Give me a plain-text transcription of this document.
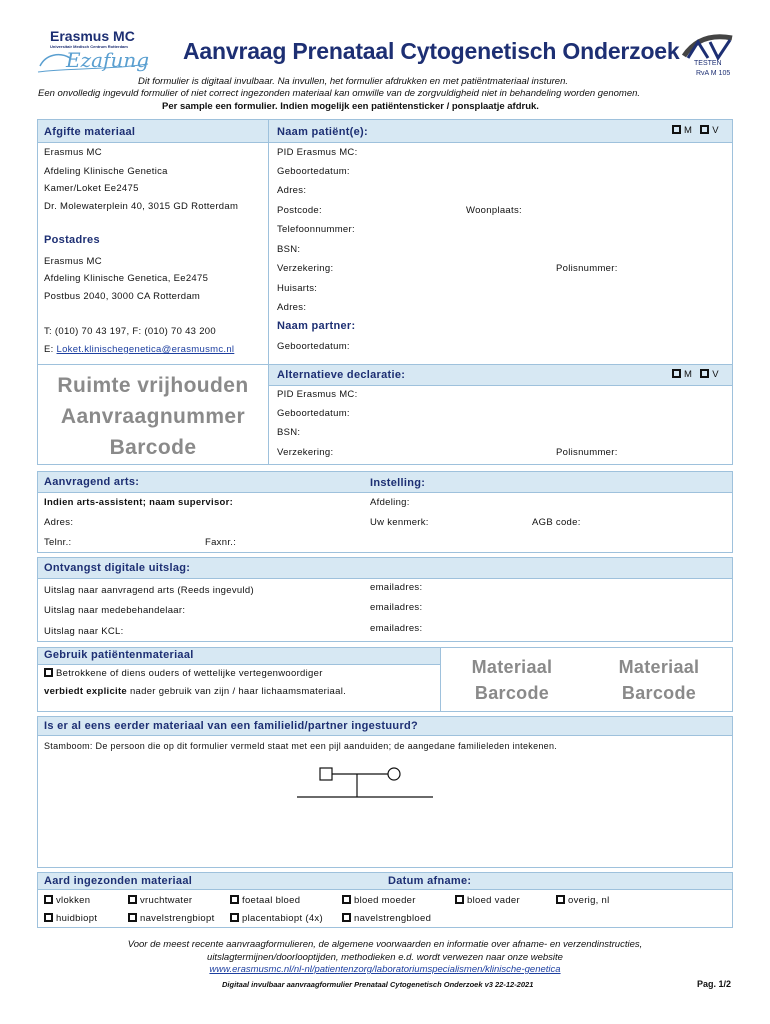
Erasmus MC
Universitair Medisch Centrum Rotterdam
Ezafung Aanvraag Prenataal Cytogenetisch Onderzoek TESTEN
RvA M 105
Dit formulier is digitaal invulbaar. Na invullen, het formulier afdrukken en met patiëntmateriaal insturen.
Een onvolledig ingevuld formulier of niet correct ingezonden materiaal kan omwille van de zorgvuldigheid niet in behandeling worden genomen.
Per sample een formulier. Indien mogelijk een patiëntensticker / ponsplaatje afdruk.
Afgifte materiaal
Erasmus MC
Afdeling Klinische Genetica
Kamer/Loket Ee2475
Dr. Molewaterplein 40, 3015 GD Rotterdam
Postadres
Erasmus MC
Afdeling Klinische Genetica, Ee2475
Postbus 2040, 3000 CA Rotterdam
T: (010) 70 43 197, F: (010) 70 43 200
E: Loket.klinischegenetica@erasmusmc.nl
Ruimte vrijhouden
Aanvraagnummer
Barcode
Naam patiënt(e):	M V
PID Erasmus MC:
Geboortedatum:
Adres:
Postcode:	Woonplaats:
Telefoonnummer:
BSN:
Verzekering:	Polisnummer:
Huisarts:
Adres:
Naam partner:
Geboortedatum:
Alternatieve declaratie:	M V
PID Erasmus MC:
Geboortedatum:
BSN:
Verzekering:	Polisnummer:
Aanvragend arts:	Instelling:
Indien arts-assistent; naam supervisor:	Afdeling:
Adres:	Uw kenmerk:	AGB code:
Telnr.:	Faxnr.:
Ontvangst digitale uitslag:
Uitslag naar aanvragend arts (Reeds ingevuld)	emailadres:
Uitslag naar medebehandelaar:	emailadres:
Uitslag naar KCL:	emailadres:
Gebruik patiëntenmateriaal
Betrokkene of diens ouders of wettelijke vertegenwoordiger
verbiedt explicite nader gebruik van zijn / haar lichaamsmateriaal.
Materiaal
Barcode
Materiaal
Barcode
Is er al eens eerder materiaal van een familielid/partner ingestuurd?
Stamboom: De persoon die op dit formulier vermeld staat met een pijl aanduiden; de aangedane familieleden intekenen.
Aard ingezonden materiaal	Datum afname:
vlokken	vruchtwater	foetaal bloed	bloed moeder	bloed vader	overig, nl
huidbiopt	navelstrengbiopt	placentabiopt (4x)	navelstrengbloed
Voor de meest recente aanvraagformulieren, de algemene voorwaarden en informatie over afname- en verzendinstructies,
uitslagtermijnen/doorlooptijden, methodieken e.d. wordt verwezen naar onze website
www.erasmusmc.nl/nl-nl/patientenzorg/laboratoriumspecialismen/klinische-genetica
Digitaal invulbaar aanvraagformulier Prenataal Cytogenetisch Onderzoek v3 22-12-2021	Pag. 1/2
